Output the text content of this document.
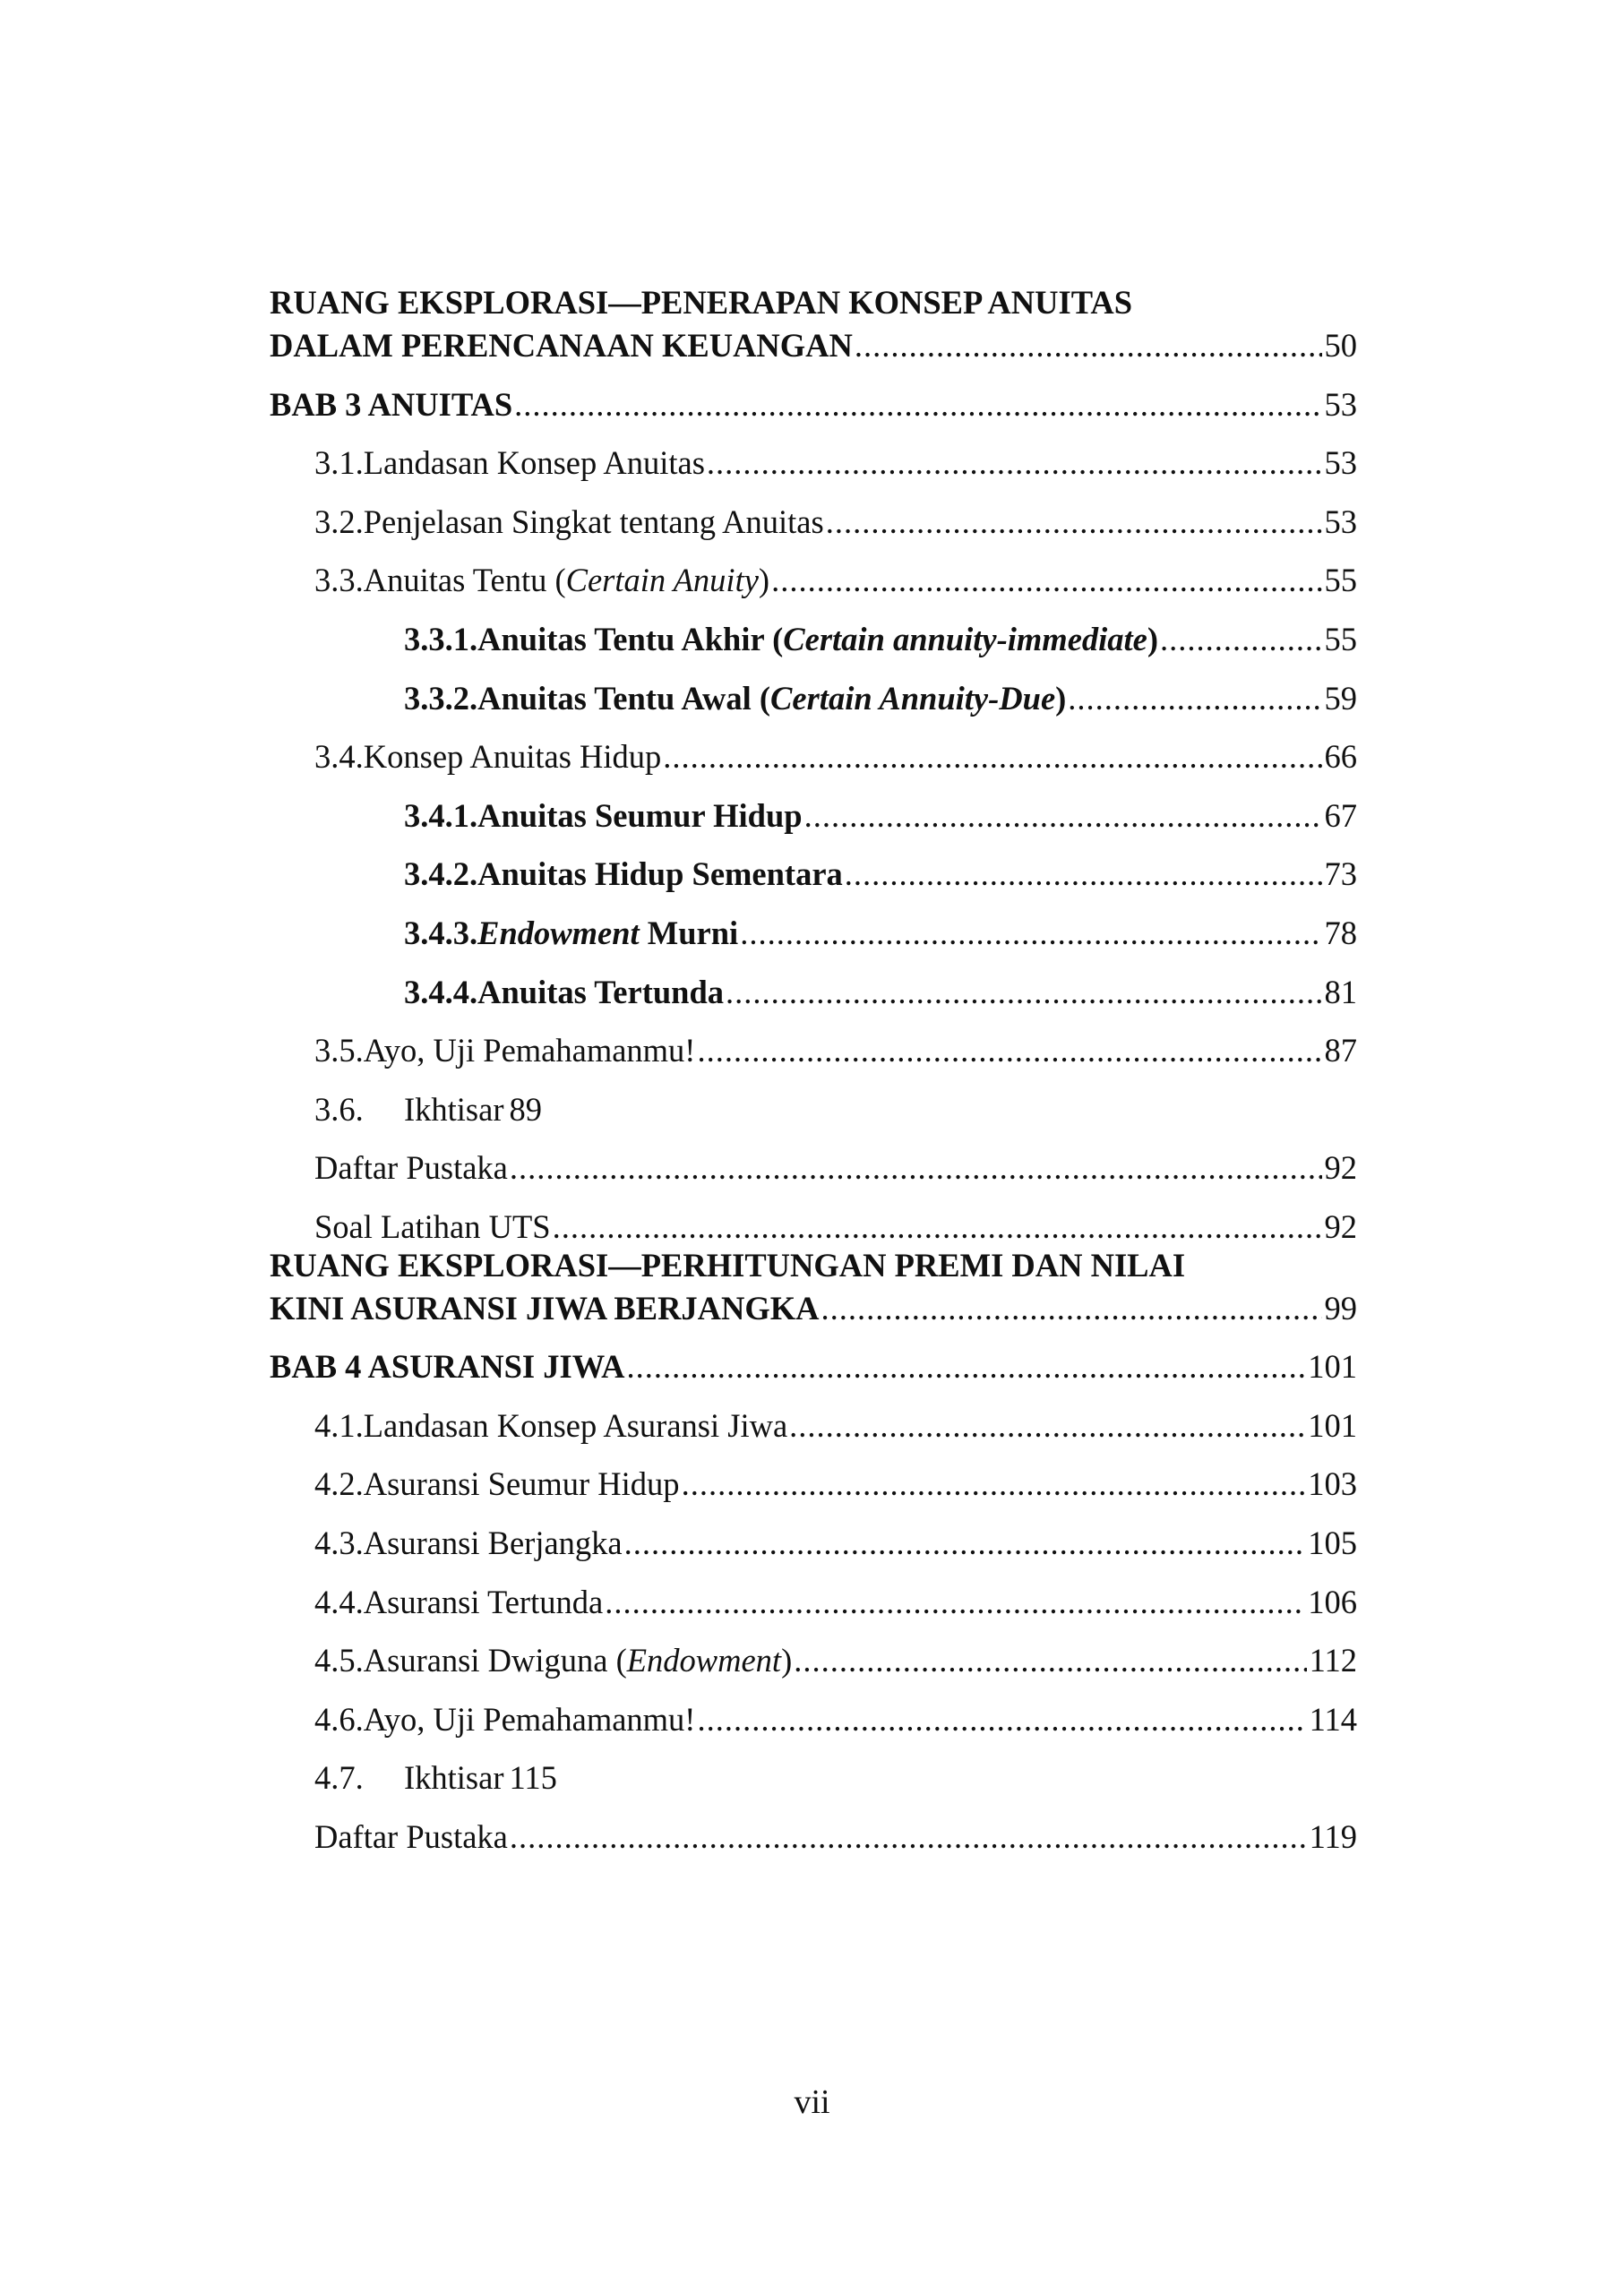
RUANG EKSPLORASI—PENERAPAN KONSEP ANUITAS
DALAM PERENCANAAN KEUANGAN .....	50
BAB 3 ANUITAS .....	53
3.1. Landasan Konsep Anuitas .....	53
3.2. Penjelasan Singkat tentang Anuitas .....	53
3.3. Anuitas Tentu (Certain Anuity) .....	55
3.3.1. Anuitas Tentu Akhir (Certain annuity-immediate) .....	55
3.3.2. Anuitas Tentu Awal (Certain Annuity-Due) .....	59
3.4. Konsep Anuitas Hidup .....	66
3.4.1. Anuitas Seumur Hidup .....	67
3.4.2. Anuitas Hidup Sementara .....	73
3.4.3. Endowment Murni .....	78
3.4.4. Anuitas Tertunda .....	81
3.5. Ayo, Uji Pemahamanmu! .....	87
3.6.	Ikhtisar 89
Daftar Pustaka .....	92
Soal Latihan UTS .....	92
RUANG EKSPLORASI—PERHITUNGAN PREMI DAN NILAI
KINI ASURANSI JIWA BERJANGKA .....	99
BAB 4 ASURANSI JIWA .....	101
4.1. Landasan Konsep Asuransi Jiwa .....	101
4.2. Asuransi Seumur Hidup .....	103
4.3. Asuransi Berjangka .....	105
4.4. Asuransi Tertunda .....	106
4.5. Asuransi Dwiguna (Endowment) .....	112
4.6. Ayo, Uji Pemahamanmu! .....	114
4.7.	Ikhtisar 115
Daftar Pustaka .....	119
vii
